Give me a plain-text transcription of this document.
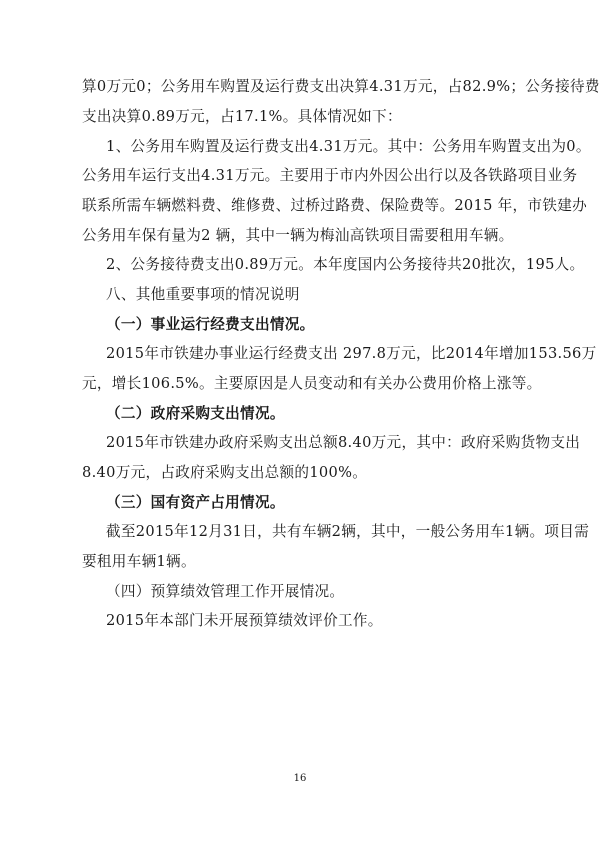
算0万元0；公务用车购置及运行费支出决算4.31万元，占82.9%；公务接待费
支出决算0.89万元，占17.1%。具体情况如下：
1、公务用车购置及运行费支出4.31万元。其中：公务用车购置支出为0。
公务用车运行支出4.31万元。主要用于市内外因公出行以及各铁路项目业务
联系所需车辆燃料费、维修费、过桥过路费、保险费等。2015 年，市铁建办
公务用车保有量为2 辆，其中一辆为梅汕高铁项目需要租用车辆。
2、公务接待费支出0.89万元。本年度国内公务接待共20批次，195人。
八、其他重要事项的情况说明
（一）事业运行经费支出情况。
2015年市铁建办事业运行经费支出 297.8万元，比2014年增加153.56万
元，增长106.5%。主要原因是人员变动和有关办公费用价格上涨等。
（二）政府采购支出情况。
2015年市铁建办政府采购支出总额8.40万元，其中：政府采购货物支出
8.40万元，占政府采购支出总额的100%。
（三）国有资产占用情况。
截至2015年12月31日，共有车辆2辆，其中，一般公务用车1辆。项目需
要租用车辆1辆。
（四）预算绩效管理工作开展情况。
2015年本部门未开展预算绩效评价工作。
16
